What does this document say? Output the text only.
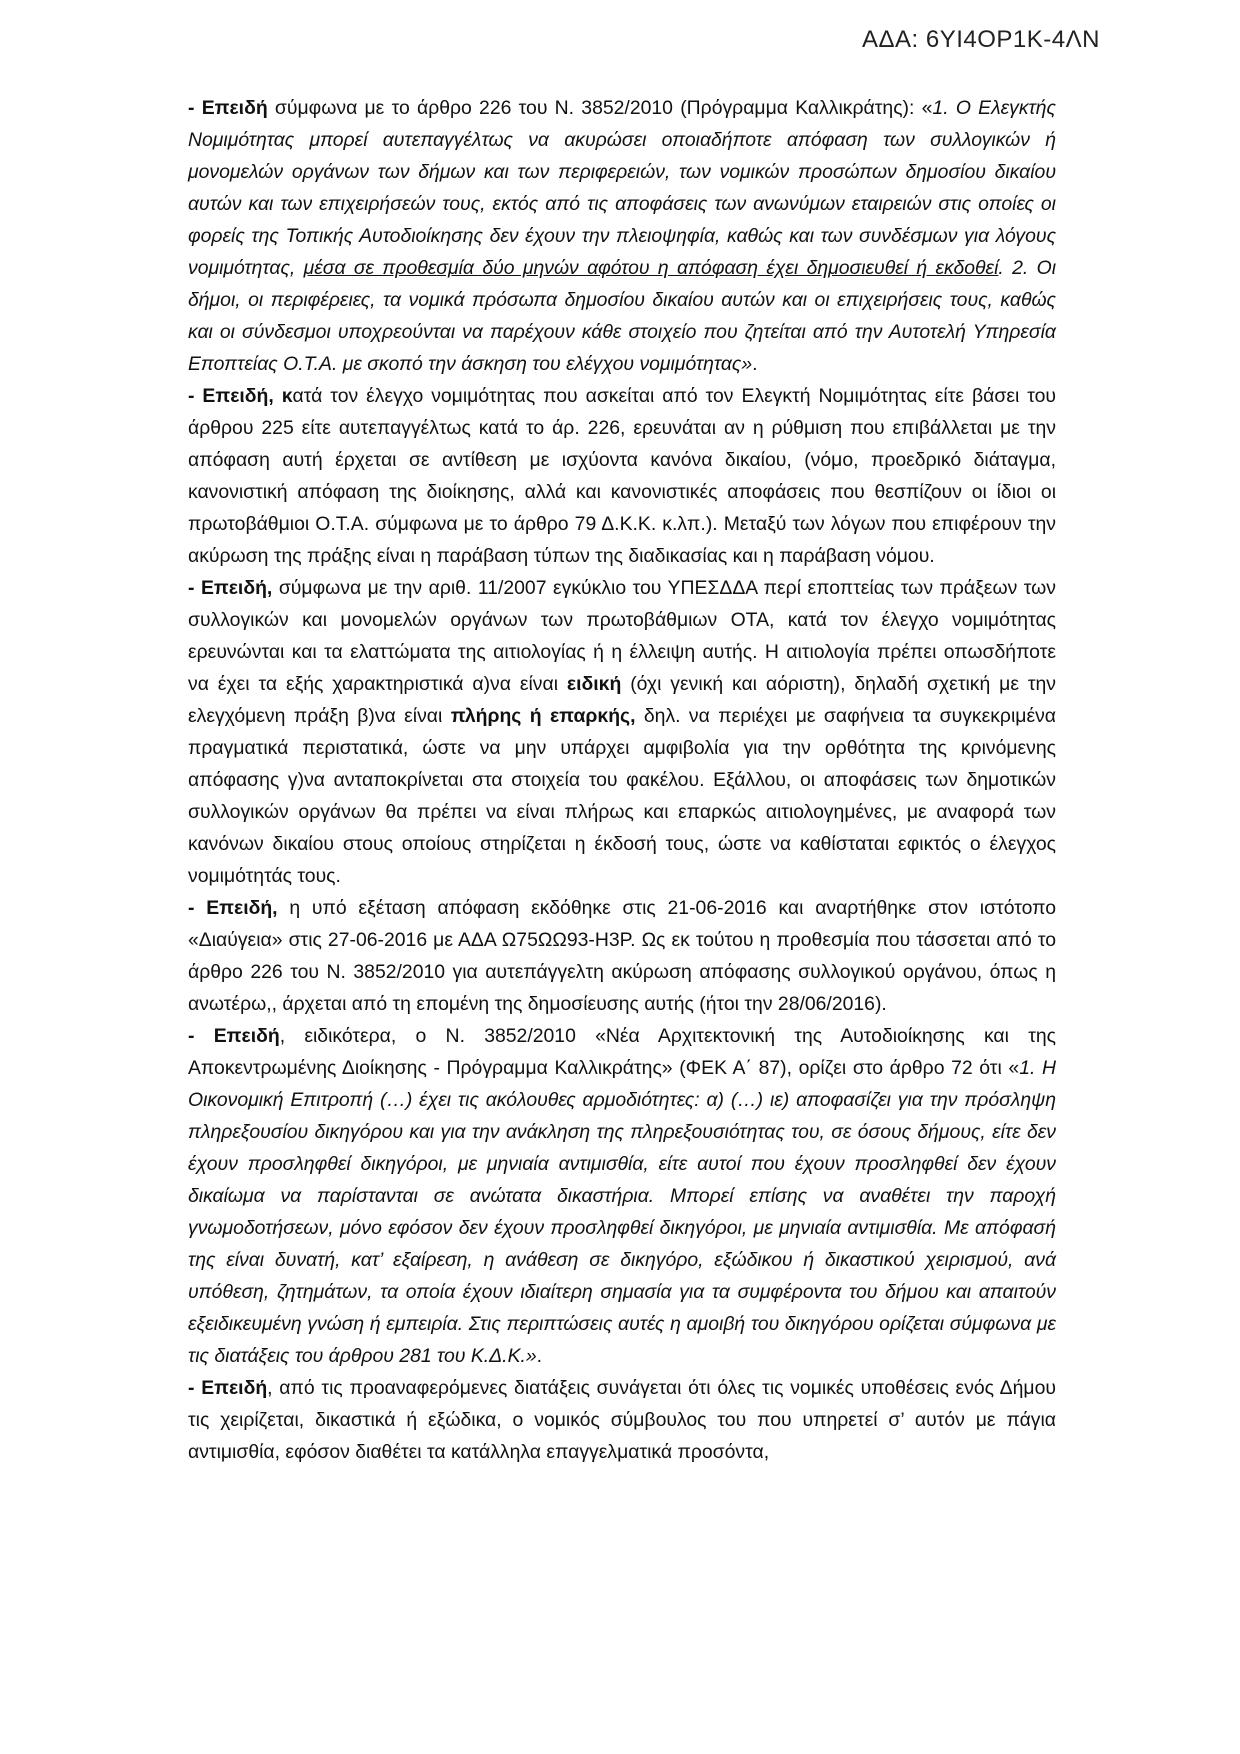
ΑΔΑ: 6ΥΙ4ΟΡ1Κ-4ΛΝ

- Επειδή σύμφωνα με το άρθρο 226 του Ν. 3852/2010 (Πρόγραμμα Καλλικράτης): «1. Ο Ελεγκτής Νομιμότητας μπορεί αυτεπαγγέλτως να ακυρώσει οποιαδήποτε απόφαση των συλλογικών ή μονομελών οργάνων των δήμων και των περιφερειών, των νομικών προσώπων δημοσίου δικαίου αυτών και των επιχειρήσεών τους, εκτός από τις αποφάσεις των ανωνύμων εταιρειών στις οποίες οι φορείς της Τοπικής Αυτοδιοίκησης δεν έχουν την πλειοψηφία, καθώς και των συνδέσμων για λόγους νομιμότητας, μέσα σε προθεσμία δύο μηνών αφότου η απόφαση έχει δημοσιευθεί ή εκδοθεί. 2. Οι δήμοι, οι περιφέρειες, τα νομικά πρόσωπα δημοσίου δικαίου αυτών και οι επιχειρήσεις τους, καθώς και οι σύνδεσμοι υποχρεούνται να παρέχουν κάθε στοιχείο που ζητείται από την Αυτοτελή Υπηρεσία Εποπτείας Ο.Τ.Α. με σκοπό την άσκηση του ελέγχου νομιμότητας».

- Επειδή, κατά τον έλεγχο νομιμότητας που ασκείται από τον Ελεγκτή Νομιμότητας είτε βάσει του άρθρου 225 είτε αυτεπαγγέλτως κατά το άρ. 226, ερευνάται αν η ρύθμιση που επιβάλλεται με την απόφαση αυτή έρχεται σε αντίθεση με ισχύοντα κανόνα δικαίου, (νόμο, προεδρικό διάταγμα, κανονιστική απόφαση της διοίκησης, αλλά και κανονιστικές αποφάσεις που θεσπίζουν οι ίδιοι οι πρωτοβάθμιοι Ο.Τ.Α. σύμφωνα με το άρθρο 79 Δ.Κ.Κ. κ.λπ.). Μεταξύ των λόγων που επιφέρουν την ακύρωση της πράξης είναι η παράβαση τύπων της διαδικασίας και η παράβαση νόμου.

- Επειδή, σύμφωνα με την αριθ. 11/2007 εγκύκλιο του ΥΠΕΣΔΔΑ περί εποπτείας των πράξεων των συλλογικών και μονομελών οργάνων των πρωτοβάθμιων ΟΤΑ, κατά τον έλεγχο νομιμότητας ερευνώνται και τα ελαττώματα της αιτιολογίας ή η έλλειψη αυτής. Η αιτιολογία πρέπει οπωσδήποτε να έχει τα εξής χαρακτηριστικά α)να είναι ειδική (όχι γενική και αόριστη), δηλαδή σχετική με την ελεγχόμενη πράξη β)να είναι πλήρης ή επαρκής, δηλ. να περιέχει με σαφήνεια τα συγκεκριμένα πραγματικά περιστατικά, ώστε να μην υπάρχει αμφιβολία για την ορθότητα της κρινόμενης απόφασης γ)να ανταποκρίνεται στα στοιχεία του φακέλου. Εξάλλου, οι αποφάσεις των δημοτικών συλλογικών οργάνων θα πρέπει να είναι πλήρως και επαρκώς αιτιολογημένες, με αναφορά των κανόνων δικαίου στους οποίους στηρίζεται η έκδοσή τους, ώστε να καθίσταται εφικτός ο έλεγχος νομιμότητάς τους.

- Επειδή, η υπό εξέταση απόφαση εκδόθηκε στις 21-06-2016 και αναρτήθηκε στον ιστότοπο «Διαύγεια» στις 27-06-2016 με ΑΔΑ Ω75ΩΩ93-Η3Ρ. Ως εκ τούτου η προθεσμία που τάσσεται από το άρθρο 226 του Ν. 3852/2010 για αυτεπάγγελτη ακύρωση απόφασης συλλογικού οργάνου, όπως η ανωτέρω,, άρχεται από τη επομένη της δημοσίευσης αυτής (ήτοι την 28/06/2016).

- Επειδή, ειδικότερα, ο Ν. 3852/2010 «Νέα Αρχιτεκτονική της Αυτοδιοίκησης και της Αποκεντρωμένης Διοίκησης - Πρόγραμμα Καλλικράτης» (ΦΕΚ Α΄ 87), ορίζει στο άρθρο 72 ότι «1. Η Οικονομική Επιτροπή (…) έχει τις ακόλουθες αρμοδιότητες: α) (…) ιε) αποφασίζει για την πρόσληψη πληρεξουσίου δικηγόρου και για την ανάκληση της πληρεξουσιότητας του, σε όσους δήμους, είτε δεν έχουν προσληφθεί δικηγόροι, με μηνιαία αντιμισθία, είτε αυτοί που έχουν προσληφθεί δεν έχουν δικαίωμα να παρίστανται σε ανώτατα δικαστήρια. Μπορεί επίσης να αναθέτει την παροχή γνωμοδοτήσεων, μόνο εφόσον δεν έχουν προσληφθεί δικηγόροι, με μηνιαία αντιμισθία. Με απόφασή της είναι δυνατή, κατ’ εξαίρεση, η ανάθεση σε δικηγόρο, εξώδικου ή δικαστικού χειρισμού, ανά υπόθεση, ζητημάτων, τα οποία έχουν ιδιαίτερη σημασία για τα συμφέροντα του δήμου και απαιτούν εξειδικευμένη γνώση ή εμπειρία. Στις περιπτώσεις αυτές η αμοιβή του δικηγόρου ορίζεται σύμφωνα με τις διατάξεις του άρθρου 281 του Κ.Δ.Κ.».

- Επειδή, από τις προαναφερόμενες διατάξεις συνάγεται ότι όλες τις νομικές υποθέσεις ενός Δήμου τις χειρίζεται, δικαστικά ή εξώδικα, ο νομικός σύμβουλος του που υπηρετεί σ’ αυτόν με πάγια αντιμισθία, εφόσον διαθέτει τα κατάλληλα επαγγελματικά προσόντα,
